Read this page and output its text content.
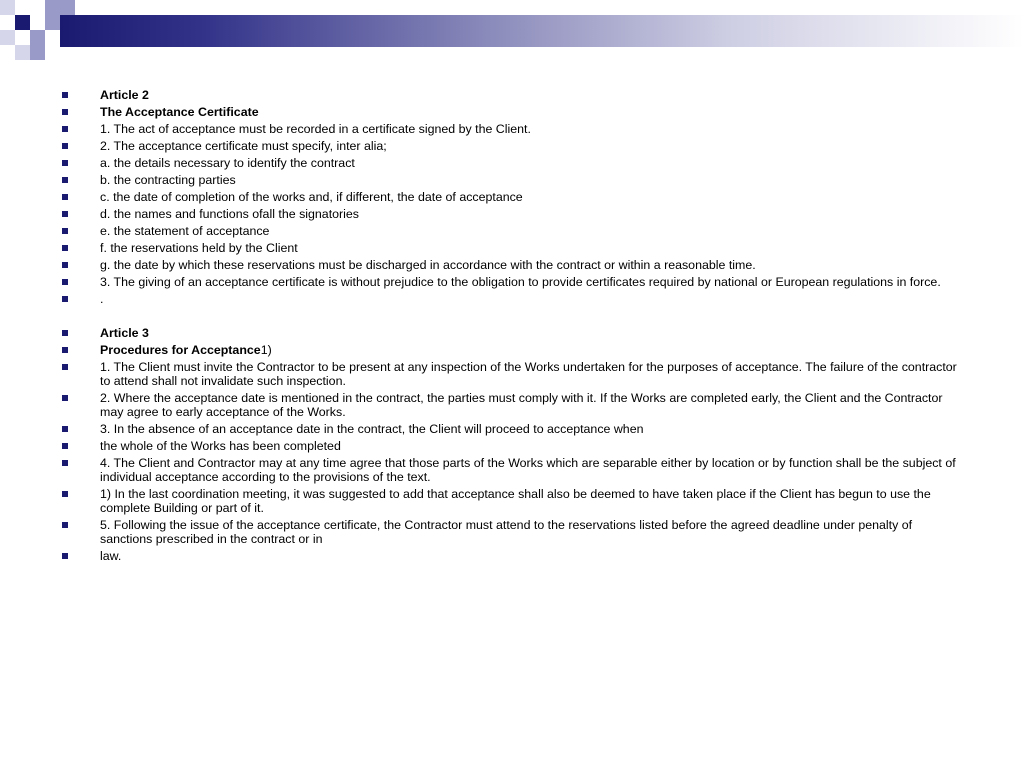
Article 2
The Acceptance Certificate
1. The act of acceptance must be recorded in a certificate signed by the Client.
2. The acceptance certificate must specify, inter alia;
a. the details necessary to identify the contract
b. the contracting parties
c. the date of completion of the works and, if different, the date of acceptance
d. the names and functions ofall the signatories
e. the statement of acceptance
f. the reservations held by the Client
g. the date by which these reservations must be discharged in accordance with the contract or within a reasonable time.
3. The giving of an acceptance certificate is without prejudice to the obligation to provide certificates required by national or European regulations in force.
.
Article 3
Procedures for Acceptance1)
1. The Client must invite the Contractor to be present at any inspection of the Works undertaken for the purposes of acceptance. The failure of the contractor to attend shall not invalidate such inspection.
2. Where the acceptance date is mentioned in the contract, the parties must comply with it. If the Works are completed early, the Client and the Contractor may agree to early acceptance of the Works.
3. In the absence of an acceptance date in the contract, the Client will proceed to acceptance when
the whole of the Works has been completed
4. The Client and Contractor may at any time agree that those parts of the Works which are separable either by location or by function shall be the subject of individual acceptance according to the provisions of the text.
1) In the last coordination meeting, it was suggested to add that acceptance shall also be deemed to have taken place if the Client has begun to use the complete Building or part of it.
5. Following the issue of the acceptance certificate, the Contractor must attend to the reservations listed before the agreed deadline under penalty of sanctions prescribed in the contract or in
law.
